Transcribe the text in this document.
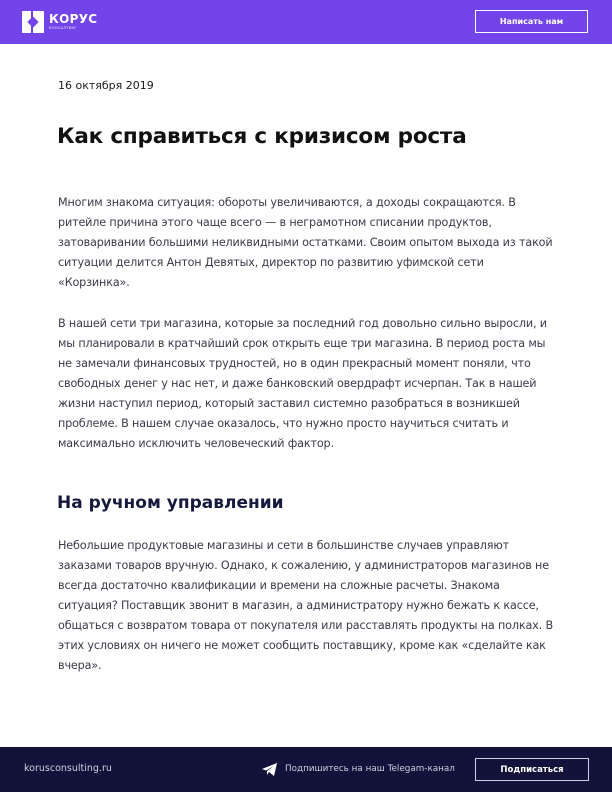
КОРУС
КОНСАЛТИНГ
Написать нам
16 октября 2019
Как справиться с кризисом роста

Многим знакома ситуация: обороты увеличиваются, а доходы сокращаются. В ритейле причина этого чаще всего — в неграмотном списании продуктов, затоваривании большими неликвидными остатками. Своим опытом выхода из такой ситуации делится Антон Девятых, директор по развитию уфимской сети «Корзинка».

В нашей сети три магазина, которые за последний год довольно сильно выросли, и мы планировали в кратчайший срок открыть еще три магазина. В период роста мы не замечали финансовых трудностей, но в один прекрасный момент поняли, что свободных денег у нас нет, и даже банковский овердрафт исчерпан. Так в нашей жизни наступил период, который заставил системно разобраться в возникшей проблеме. В нашем случае оказалось, что нужно просто научиться считать и максимально исключить человеческий фактор.

На ручном управлении

Небольшие продуктовые магазины и сети в большинстве случаев управляют заказами товаров вручную. Однако, к сожалению, у администраторов магазинов не всегда достаточно квалификации и времени на сложные расчеты. Знакома ситуация? Поставщик звонит в магазин, а администратору нужно бежать к кассе, общаться с возвратом товара от покупателя или расставлять продукты на полках. В этих условиях он ничего не может сообщить поставщику, кроме как «сделайте как вчера».

korusconsulting.ru	Подпишитесь на наш Telegam-канал	Подписаться
